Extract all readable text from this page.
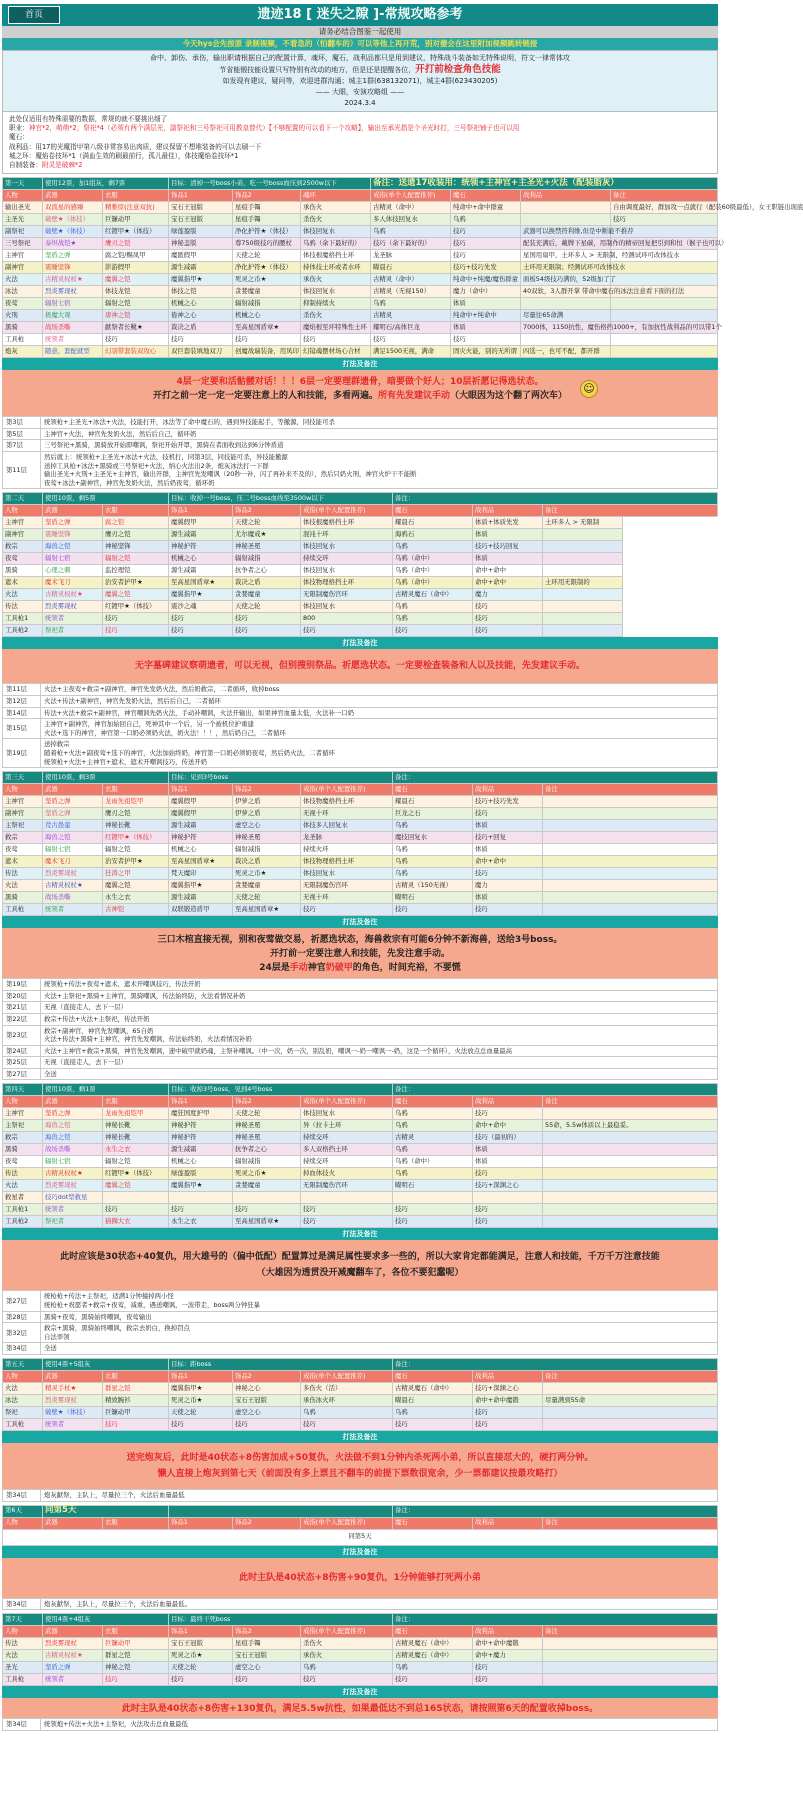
首页	遗迹18 [ 迷失之隙 ]-常规攻略参考
请务必结合图鉴一起使用
今天hys会先按原 录制视频，不着急的（怕翻车的）可以等他上再开荒，别对傻会在这里附加视频跳转链接
命中、卸伤、承伤，输出职请根据自己的配置计算，魂环，魔石，战利品都只是用到建议，特殊战斗装备如无特殊说明，符文一律常体攻
节省能锻技能设置只写特别有改动的地方，但是还是提醒各位，开打前检查角色技能
如发现有建议，疑问等，欢迎进群沟通；城主1群(638132071)，城主4群(623430205)
—— 大眼，安演攻略组 ——
2024.3.4
此处仅适用有特殊需要的数据，常规的就不要挑出细了
职业：神官*2，萌萌*2，祭祀*4（必须有两个满层光，副祭祀和三号祭祀可用教皇替代）【不够配置的可以看下一个攻略】，输出至承光指是个圣光时打，三号祭祀铺子也可以用
魔石：
战利品：用17的光魔指甲第八级非常容易出肉质，建议保留不想堆装备的可以去刷一下
城之环：魔焰卷技环*1（满血生效的刷最前行，孤儿最佳），体技魔焰卷技环*1
自制装备：附灵是破棘*2
第一天	使用12票，加1组灰，剩7票		目标：清掉一号boss小弟，吃一号boss血压到2500w以下			备注：送遗17收装用：统领+主神官+主圣光+火法（配装脂灰）			
人物	武器	衣服	饰品1	饰品2	魂环	戒指(单个人配置推荐)	魔石	战利品	备注
输出圣光	双流星的感臻	精雅原(注意双抗)	宝石王冠版	星痕手镯	承伤火	古精灵（命中）	纯命中+命中群童		自由调度最好，群加攻一点就行（配装60级最低），女王职链出现底
主圣光	破壁★（体技）	巨镰动甲	宝石王冠版	星痕手镯	杀伤火	多人体技回复水	乌鸦		技巧
副祭祀	破壁★（体技）	红镀甲★（体技）	绿莲盈版	净化护符★（体技）	体技回复水	乌鸦	技巧	武器可以换禁符利维,但是中断能不推荐	
三号祭祀	泰坦战铠★	鹰刃之铠	神秘盖版	尊750级技巧的腰杖	乌鸦（余下最好的）	技巧（余下最好的）	技巧	配装充满后，戴牌下星碳，用制作的精帝回复把引到和恒（猴子也可以）	
主神官	坚盾之弹	腐之铠/赐凤甲	魔匿假甲	天使之轮	体技根魔格挡土环	龙圣脉	技巧	星国用扇甲，土环多人 > 无限制，经测试环可改体技水	
副神官	震睡坚锋	影游假甲	源生减霜	净化护符★（体技）	持体技土环或者水环	曜晨石	技巧+技巧先发	土环用无限制；经测试环可改体技水	
火法	古精灵权杖★	魔翼之铠	魔翼指甲★	死灵之币★	承伤火	古精灵（命中）	纯命中+纯魔/魔伤群童	面板54级技巧满的，52级加了了	
冰法	烈炎雾现杖	体技龙铠	体技之铠	贪婪魔童	体技回复水	古精灵（无视150）	魔力（命中）	40双软，3人群开掌 带命中魔石的冰法注意看下面的打法	
夜莺	辐射七宿	辐射之铠	机械之心	辐射减指	抑制持续火	乌鸦	体质		
火刑	极魔大观	唐神之铠	倦神之心	机械之心	杀伤火	古精灵	纯命中+纯命中	尽量往65命满	
黑骑	战场杀嘶	献祭者长靴★	裁决之盾	至高星国盾章★	魔焰根至环特殊性土环	耀明石/高体巨龙	体质	7000体，1150抗性，魔伤格挡1000+，有加抗性战利品的可以带1个	
工具枪	统领者	技巧	技巧	技巧	技巧	技巧	技巧		
炮灰	随意，套配就型	幻羽带套装双攻心	双巨套装填地双刀	创魔战瑞装备，用凤印	幻镜魂摆材场心合材	满足1500无视，满命	固灾火能，别的无所谓	四选一，也可不配，都开群	
打法及备注
4层一定要和活骷髅对话！！！6层一定要理群遗骨，暗要做个好人；10层祈愿记得选状态。
开打之前一定一定一定要注意上的人和技能，多看两遍。所有先发建议手动（大眼因为这个翻了两次车）
☺
第3层	统领枪+主圣光+冰法+火法，技能打开，冰法等了命中魔石的，遇到异技能起手，等撤源，同技能可杀
第5层	主神官+火法，神官先发奶火法，然后后自己，循环奶
第7层	三号祭祀+黑骑，黑骑放开始即嘲讽，祭祀开始开罩，黑骑在者面收到达到6分钟盾道
第11层	然后就上：统领枪+主圣光+冰法+火法，技机打，同第3层，同技能可杀，异技能撤源
送掉工具枪+冰法+黑骑或三号祭祀+火法，纳心火法出2条，炮灰冰法打一下群
输出圣光+火刑+主圣光+主神官，输出开群，主神官先发嘲讽（20秒一补，闪了再补来不及的），然后只奶火刑，神官火炉干不能断
夜莺+冰法+副神官，神官先发奶火法，然后奶夜莺，循环奶
第二天	使用10票，剩5票		目标：收掉一号boss，压二号boss血线至3500w以下			备注：		
人物	武器	衣服	饰品1	饰品2	戒指(单个人配置推荐)	魔石	战利品	备注
主神官	坚盾之弹	腐之铠	魔翼假甲	天使之轮	体技根魔格挡土环	耀晨石	体质+体质先发	土环多人 > 无限制
副神官	震睡坚锋	鹰刃之铠	源生减霜	尤尔魔戒★	混沌十环	海鸦石	体质	
救宗	海兽之铠	神秘坚锋	神秘护符	神秘圣冕	体技回复水	乌鸦	技巧+技巧回复	
夜莺	辐射七宿	辐射之铠	机械之心	辐射减指	持续交环	乌鸦（命中）	体质	
黑骑	心理之刺	监控理铠	源生减霜	抗争者之心	体技回复水	乌鸦（命中）	命中+命中	
遮术	魔术飞刀	治安者护甲★	至高星国盾章★	裁决之盾	体技物理格挡土环	乌鸦（命中）	命中+命中	土环用无限制的
火法	古精灵权杖★	魔翼之铠	魔翼指甲★	贪婪魔童	无限制魔伤宫环	古精灵魔石（命中）	魔力	
传法	烈炎雾现杖	红镀甲★（体技）	震沙之魂	天使之轮	体技回复水	乌鸦	技巧	
工具枪1	统领者	技巧	技巧	技巧	800	乌鸦	技巧	
工具枪2	祭祀者	技巧	技巧	技巧	技巧	技巧	技巧	
打法及备注
无字墓碑建议察萌遗者，可以无视，但别搜别祭品。祈愿选状态。一定要检查装备和人以及技能，先发建议手动。
第11层	火法+主夜莺+救宗+副神官，神官先发奶火法，然后奶救宗，二者循环，收掉boss
第12层	火法+传法+副神官，神官先发奶火法，然后后自己，二者循环
第14层	传法+火法+救宗+副神官，神官嘲讽先奶火法，手动补嘲讽，火法开输出，如果神官血量太低，火法补一口奶
第15层	主神官+副神官，神官加始回自己，死神其中一个后，另一个被机位护重建
火法+选下的神官，神官第一口奶必须奶火法，奶火法！！！，然后奶自己，二者循环
第19层	送掉救宗
随着枪+火法+副夜莺+选下的神官，火法加始终奶，神官第一口奶必须奶夜莺，然后奶火法，二者循环
统领枪+火法+主神官+遮术，遮术开嘲讽技巧，传送开奶
第三天	使用10票，剩3票		目标：见到3号boss			备注：		
人物	武器	衣服	饰品1	饰品2	戒指(单个人配置推荐)	魔石	战利品	备注
主神官	坚盾之弹	龙雨先祖铠甲	魔翼假甲	伊萝之盾	体技物魔格挡土环	耀晨石	技巧+技巧先发	
副神官	坚盾之弹	鹰刃之铠	魔翼假甲	伊萝之盾	无视十环	巨龙之石	技巧	
主祭祀	荒古愚蛮	神秘长靴	源生减霜	虚空之心	体技多人回复水	乌鸦	体质	
救宗	海兽之铠	红镀甲★（体技）	神秘护符	神秘圣冕	龙圣脉	魔技回复水	技巧+回复	
夜莺	辐射七宿	辐射之铠	机械之心	辐射减指	持续火环	乌鸦	体质	
遮术	魔术飞刀	治安者护甲★	至高星国盾章★	裁决之盾	体技物理格挡土环	乌鸦	命中+命中	
传法	烈炎雾现杖	狂涛之甲	梵天魔印	死灵之币★	体技回复水	乌鸦	技巧	
火法	古精灵权杖★	魔翼之铠	魔翼指甲★	贪婪魔童	无限制魔伤宫环	古精灵（150无视）	魔力	
黑骑	战场杀嘶	永生之衣	源生减霜	天使之轮	无视十环	曜明石	体质	
工具枪	统领者	古神铠	双联锻造盾甲	至高星国盾章★	技巧	技巧	技巧	
打法及备注
三口木棺直接无视，别和夜莺做交易，祈愿选状态，海兽救宗有可能6分钟不新海兽，送给3号boss。
开打前一定要注意人和技能，先发注意手动。
24层是手动神官奶破甲的角色，时间充裕，不要慌
第19层	统领枪+传法+夜莺+遮术，遮术开嘲讽技巧，传法开奶
第20层	火法+主祭祀+黑骑+主神官，黑骑嘲讽，传法始终防，火法看情况补奶
第21层	无视（直接走人，去下一层）
第22层	救宗+传法+火法+主祭祀，传法开奶
第23层	救宗+副神官，神官先发嘲讽，65自奶
火法+传法+黑骑+主神官，神官先发嘲讽，传法始终奶，火法看情况补奶
第24层	火法+主神官+救宗+黑骑，神官先发嘲讽，速中破甲就奶魂，主祭补嘲讽。（中一次，奶一次，别乱奶，嘲讽一-奶一嘲讽一-奶，这是一个循环），火法放点总血量最高
第25层	无视（直接走人，去下一层）
第27层	全送
第四天	使用10票，剩1票		目标：收掉3号boss，见到4号boss			备注：		
人物	武器	衣服	饰品1	饰品2	戒指(单个人配置推荐)	魔石	战利品	备注
主神官	坚盾之弹	龙雨先祖铠甲	魔狂国度护甲	天使之轮	体技回复水	乌鸦	技巧	
主祭祀	海兽之铠	神秘长靴	神秘护符	神秘圣冕	异（拉卡土环	乌鸦	命中+命中	55命，5.5w体质以上最稳妥。
救宗	海兽之铠	神秘长靴	神秘护符	神秘圣冕	持续交环	古精灵	技巧（最初的）	
黑骑	战场杀嘶	永生之衣	源生减霜	抗争者之心	多人双格挡土环	乌鸦	体质	
夜莺	辐射七宿	辐射之铠	机械之心	辐射减指	持续交环	乌鸦（命中）	体质	
传法	古精灵权杖★	红镀甲★（体技）	绿莲盈版	死灵之币★	掉血体技火	乌鸦	技巧	
火法	烈炎雾现杖	魔翼之铠	魔翼指甲★	贪婪魔童	无限制魔伤宫环	曜明石	技巧+深渊之心	
救星者	技巧dot型救星							
工具枪1	统领者	技巧	技巧	技巧	技巧	技巧	技巧	
工具枪2	祭祀者	猫狮大衣	永生之衣	至高星国盾章★	技巧	技巧	技巧	
打法及备注
此时应该是30状态+40复仇，用大雄号的（偏中低配）配置算过是满足属性要求多一些的，所以大家肯定都能满足，注意人和技能，千万千万注意技能
（大雄因为透贯没开减魔翻车了，各位不要犯蠢呢）
第27层	统枪枪+传法+主祭祀，适满1分钟撞掉两小怪
统枪枪+祝愿者+救宗+夜莺，减重，遇送嘲讽，一波带走，boss两分钟狂暴
第28层	黑骑+夜莺，黑骑始终嘲讽，夜莺输出
第32层	救宗+黑骑，黑骑始终嘲讽，救宗去奶白，换掉罚点
自法率领
第34层	全送
第五天	使用4票+5组灰		目标：距boss			备注：		
人物	武器	衣服	饰品1	饰品2	戒指(单个人配置推荐)	魔石	战利品	备注
火法	精灵手杖★	群星之铠	魔翼指甲★	神秘之心	多伤火（活）	古精灵魔石（命中）	技巧+深渊之心	
冰法	烈炎雾现杖	精致腕衫	死灵之币★	宝石王冠版	承伤冰火环	曜晨石	命中+命中魔锻	尽量满到55命
祭祀	破壁★（体技）	巨镰动甲	天使之轮	虚空之心	乌鸦	乌鸦	技巧	
工具枪	统领者	技巧	技巧	技巧	技巧	技巧	技巧	
打法及备注
送完炮灰后，此时是40状态+8伤害加成+50复仇，火法做不到1分钟内杀死两小弟，所以直接怼大的，硬打两分钟。
懒人直接上炮灰到第七天（前面没有多上票且不翻车的前提下票数很宽余，少一票都建议按最攻略打）
第34层	炮灰献祭，主队上，尽量拉三个，火法后血量最低
第6天	同第5天					备注：		
人物	武器	衣服	饰品1	饰品2	戒指(单个人配置推荐)	魔石	战利品	备注
同第5天								
打法及备注
此时主队是40状态+8伤害+90复仇，1分钟能够打死两小弟
第34层	炮灰献祭，主队上，尽量拉三个，火法后血量最低。
第7天	使用4票+4组灰		目标：最终干死boss			备注：		
人物	武器	衣服	饰品1	饰品2	戒指(单个人配置推荐)	魔石	战利品	备注
传法	烈炎雾现杖	巨镰动甲	宝石王冠版	星痕手镯	杀伤火	古精灵魔石（命中）	命中+命中魔锻	
火法	古精灵权杖★	群星之铠	死灵之币★	宝石王冠版	承伤火	古精灵魔石（命中）	命中+魔力	
圣光	坚盾之弹	神秘之铠	天使之轮	虚空之心	乌鸦	乌鸦	技巧	
工具枪	统领者	技巧	技巧	技巧	技巧	技巧	技巧	
打法及备注
此时主队是40状态+8伤害+130复仇，满足5.5w抗性，如果最低达不到总165状态，请按照第6天的配置收掉boss。
第34层	统领炮+传法+火法+主祭祀，火法攻击总血量最低
